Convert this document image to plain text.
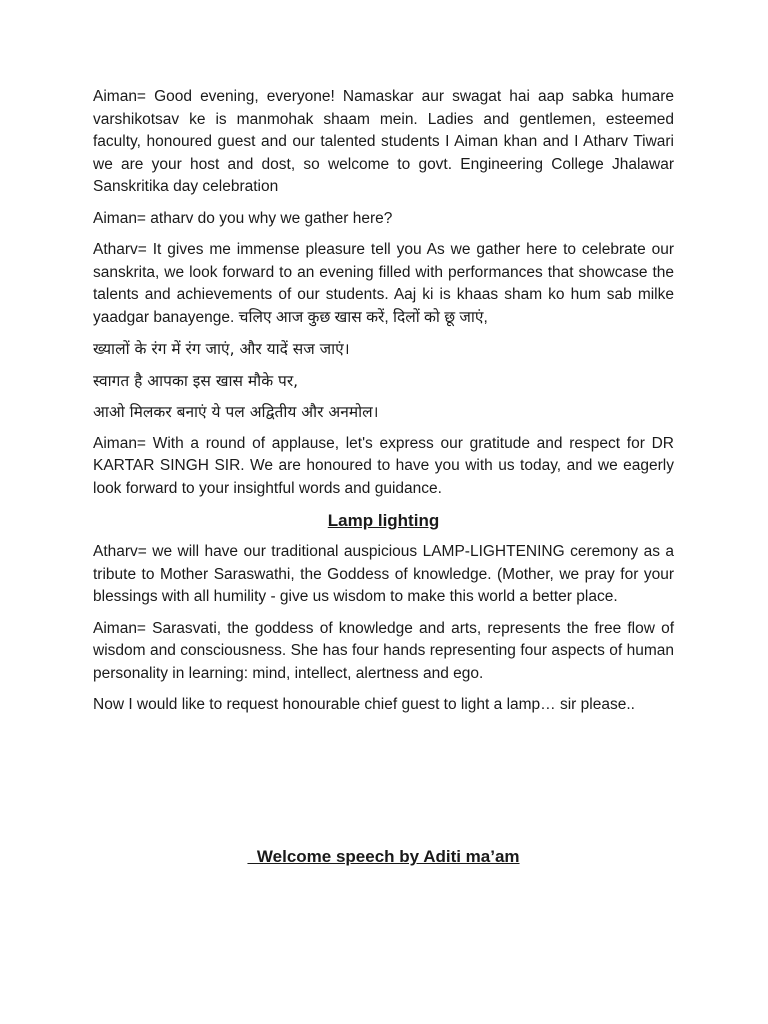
Aiman= Good evening, everyone! Namaskar aur swagat hai aap sabka humare varshikotsav ke is manmohak shaam mein. Ladies and gentlemen, esteemed faculty, honoured guest and our talented students I Aiman khan and I Atharv Tiwari we are your host and dost, so welcome to govt. Engineering College Jhalawar Sanskritika day celebration

Aiman= atharv do you why we gather here?

Atharv= It gives me immense pleasure tell you As we gather here to celebrate our sanskrita, we look forward to an evening filled with performances that showcase the talents and achievements of our students. Aaj ki is khaas sham ko hum sab milke yaadgar banayenge. चलिए आज कुछ खास करें, दिलों को छू जाएं,

ख्यालों के रंग में रंग जाएं, और यादें सज जाएं।

स्वागत है आपका इस खास मौके पर,

आओ मिलकर बनाएं ये पल अद्वितीय और अनमोल।

Aiman= With a round of applause, let's express our gratitude and respect for DR KARTAR SINGH SIR. We are honoured to have you with us today, and we eagerly look forward to your insightful words and guidance.

Lamp lighting

Atharv= we will have our traditional auspicious LAMP-LIGHTENING ceremony as a tribute to Mother Saraswathi, the Goddess of knowledge. (Mother, we pray for your blessings with all humility - give us wisdom to make this world a better place.

Aiman= Sarasvati, the goddess of knowledge and arts, represents the free flow of wisdom and consciousness. She has four hands representing four aspects of human personality in learning: mind, intellect, alertness and ego.

Now I would like to request honourable chief guest to light a lamp… sir please..

Welcome speech by Aditi ma’am
